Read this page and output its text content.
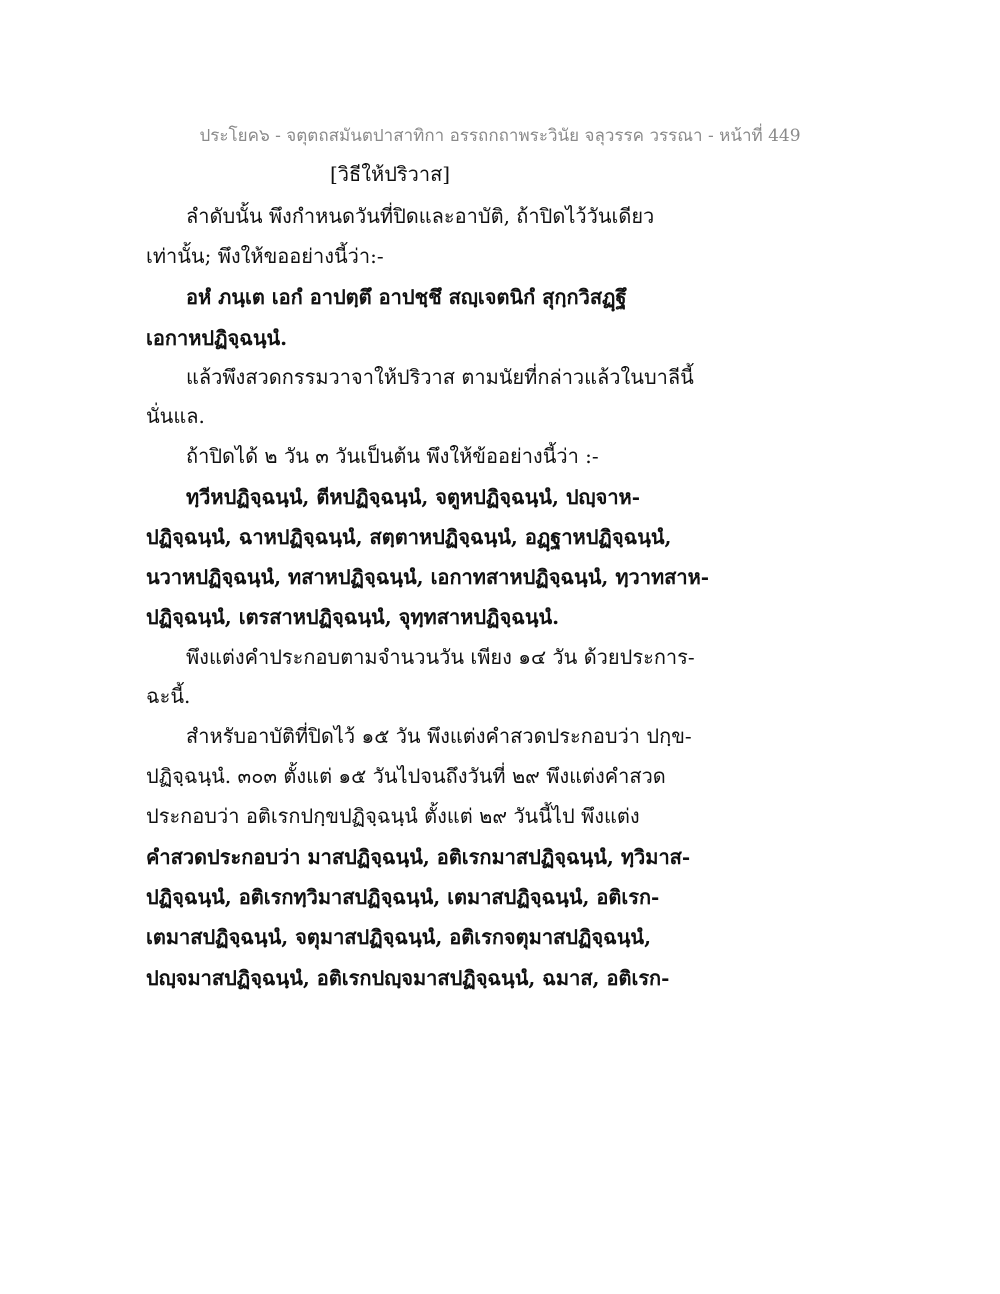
ประโยค๖ - จตุตถสมันตปาสาทิกา อรรถกถาพระวินัย จลุวรรค วรรณา - หน้าที่ 449
[วิธีให้ปริวาส]
ลำดับนั้น พึงกำหนดวันที่ปิดและอาบัติ, ถ้าปิดไว้วันเดียว
เท่านั้น; พึงให้ขออย่างนี้ว่า:-
อหํ ภนฺเต เอกํ อาปตฺตึ อาปชฺชึ สญฺเจตนิกํ สุกฺกวิสฏฺฐึ
เอกาหปฏิจฺฉนฺนํ.
แล้วพึงสวดกรรมวาจาให้ปริวาส ตามนัยที่กล่าวแล้วในบาลีนี้
นั่นแล.
ถ้าปิดได้ ๒ วัน ๓ วันเป็นต้น พึงให้ข้ออย่างนี้ว่า :-
ทฺวีหปฏิจฺฉนฺนํ, ตีหปฏิจฺฉนฺนํ, จตูหปฏิจฺฉนฺนํ, ปญฺจาห-
ปฏิจฺฉนฺนํ, ฉาหปฏิจฺฉนฺนํ, สตฺตาหปฏิจฺฉนฺนํ, อฏฺฐาหปฏิจฺฉนฺนํ,
นวาหปฏิจฺฉนฺนํ, ทสาหปฏิจฺฉนฺนํ, เอกาทสาหปฏิจฺฉนฺนํ, ทฺวาทสาห-
ปฏิจฺฉนฺนํ, เตรสาหปฏิจฺฉนฺนํ, จุทฺทสาหปฏิจฺฉนฺนํ.
พึงแต่งคำประกอบตามจำนวนวัน เพียง ๑๔ วัน ด้วยประการ-
ฉะนี้.
สำหรับอาบัติที่ปิดไว้ ๑๕ วัน พึงแต่งคำสวดประกอบว่า ปกฺข-
ปฏิจฺฉนฺนํ. ๓๐๓ ตั้งแต่ ๑๕ วันไปจนถึงวันที่ ๒๙ พึงแต่งคำสวด
ประกอบว่า อติเรกปกฺขปฏิจฺฉนฺนํ ตั้งแต่ ๒๙ วันนี้ไป พึงแต่ง
คำสวดประกอบว่า มาสปฏิจฺฉนฺนํ, อติเรกมาสปฏิจฺฉนฺนํ, ทฺวิมาส-
ปฏิจฺฉนฺนํ, อติเรกทฺวิมาสปฏิจฺฉนฺนํ, เตมาสปฏิจฺฉนฺนํ, อติเรก-
เตมาสปฏิจฺฉนฺนํ, จตุมาสปฏิจฺฉนฺนํ, อติเรกจตุมาสปฏิจฺฉนฺนํ,
ปญฺจมาสปฏิจฺฉนฺนํ, อติเรกปญฺจมาสปฏิจฺฉนฺนํ, ฉมาส, อติเรก-
